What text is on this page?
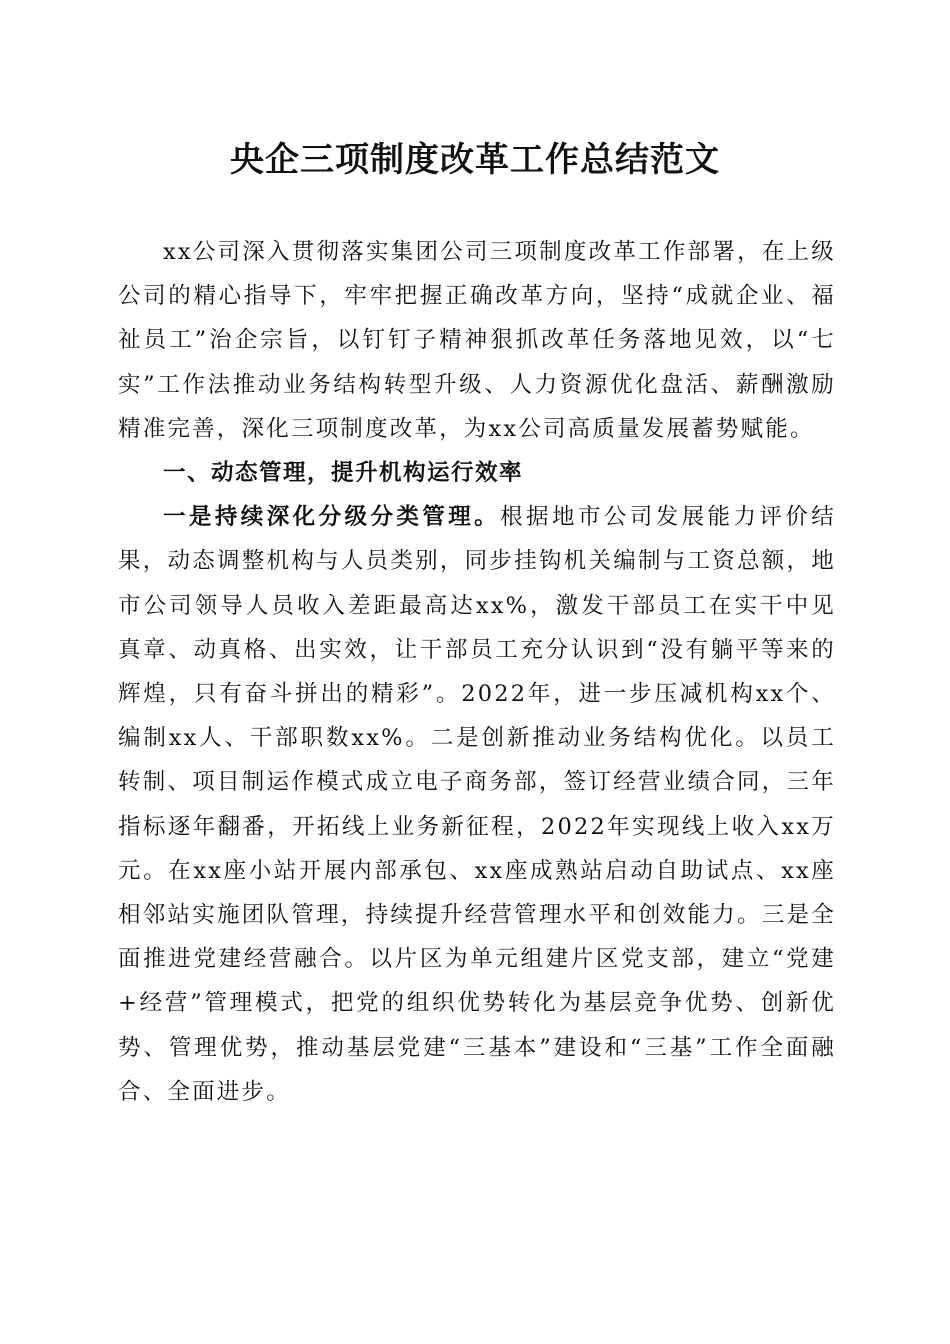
央企三项制度改革工作总结范文

xx公司深入贯彻落实集团公司三项制度改革工作部署，在上级公司的精心指导下，牢牢把握正确改革方向，坚持“成就企业、福祉员工”治企宗旨，以钉钉子精神狠抓改革任务落地见效，以“七实”工作法推动业务结构转型升级、人力资源优化盘活、薪酬激励精准完善，深化三项制度改革，为xx公司高质量发展蓄势赋能。

一、动态管理，提升机构运行效率

一是持续深化分级分类管理。根据地市公司发展能力评价结果，动态调整机构与人员类别，同步挂钩机关编制与工资总额，地市公司领导人员收入差距最高达xx%，激发干部员工在实干中见真章、动真格、出实效，让干部员工充分认识到“没有躺平等来的辉煌，只有奋斗拼出的精彩”。2022年，进一步压减机构xx个、编制xx人、干部职数xx%。二是创新推动业务结构优化。以员工转制、项目制运作模式成立电子商务部，签订经营业绩合同，三年指标逐年翻番，开拓线上业务新征程，2022年实现线上收入xx万元。在xx座小站开展内部承包、xx座成熟站启动自助试点、xx座相邻站实施团队管理，持续提升经营管理水平和创效能力。三是全面推进党建经营融合。以片区为单元组建片区党支部，建立“党建+经营”管理模式，把党的组织优势转化为基层竞争优势、创新优势、管理优势，推动基层党建“三基本”建设和“三基”工作全面融合、全面进步。
